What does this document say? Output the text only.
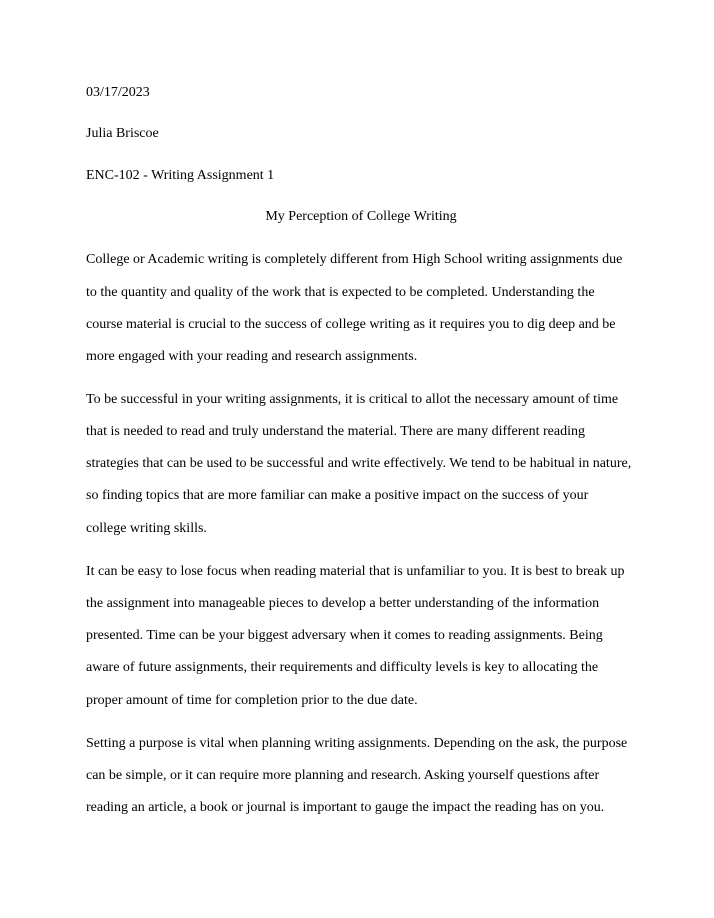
03/17/2023
Julia Briscoe
ENC-102 - Writing Assignment 1
My Perception of College Writing
College or Academic writing is completely different from High School writing assignments due
to the quantity and quality of the work that is expected to be completed. Understanding the
course material is crucial to the success of college writing as it requires you to dig deep and be
more engaged with your reading and research assignments.
To be successful in your writing assignments, it is critical to allot the necessary amount of time
that is needed to read and truly understand the material. There are many different reading
strategies that can be used to be successful and write effectively. We tend to be habitual in nature,
so finding topics that are more familiar can make a positive impact on the success of your
college writing skills.
It can be easy to lose focus when reading material that is unfamiliar to you. It is best to break up
the assignment into manageable pieces to develop a better understanding of the information
presented. Time can be your biggest adversary when it comes to reading assignments. Being
aware of future assignments, their requirements and difficulty levels is key to allocating the
proper amount of time for completion prior to the due date.
Setting a purpose is vital when planning writing assignments. Depending on the ask, the purpose
can be simple, or it can require more planning and research. Asking yourself questions after
reading an article, a book or journal is important to gauge the impact the reading has on you.
